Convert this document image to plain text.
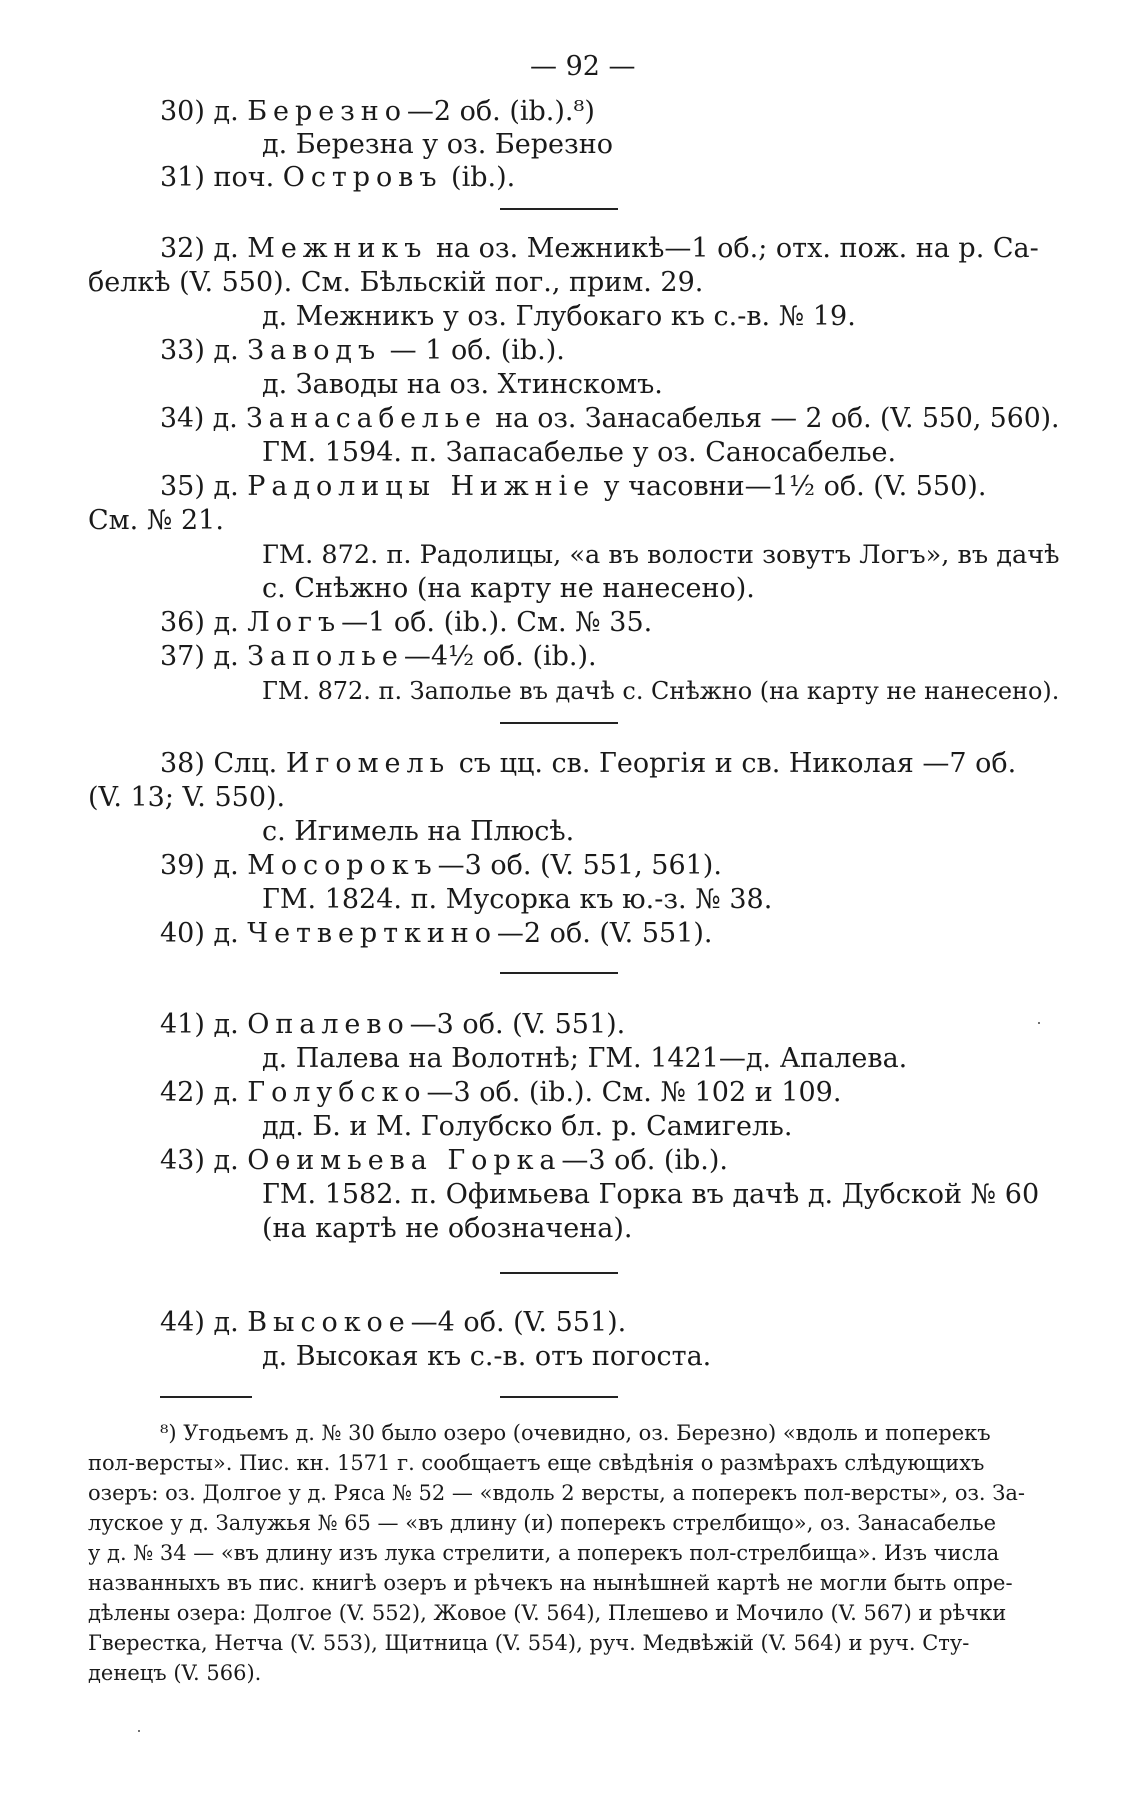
— 92 —
30) д. Березно—2 об. (ib.).⁸)
д. Березна у оз. Березно
31) поч. Островъ (ib.).
32) д. Межникъ на оз. Межникѣ—1 об.; отх. пож. на р. Са-
белкѣ (V. 550). См. Бѣльскій пог., прим. 29.
д. Межникъ у оз. Глубокаго къ с.-в. № 19.
33) д. Заводъ — 1 об. (ib.).
д. Заводы на оз. Хтинскомъ.
34) д. Занасабелье на оз. Занасабелья — 2 об. (V. 550, 560).
ГМ. 1594. п. Запасабелье у оз. Саносабелье.
35) д. Радолицы Нижніе у часовни—1½ об. (V. 550).
См. № 21.
ГМ. 872. п. Радолицы, «а въ волости зовутъ Логъ», въ дачѣ
с. Снѣжно (на карту не нанесено).
36) д. Логъ—1 об. (ib.). См. № 35.
37) д. Заполье—4½ об. (ib.).
ГМ. 872. п. Заполье въ дачѣ с. Снѣжно (на карту не нанесено).
38) Слц. Игомель съ цц. св. Георгія и св. Николая —7 об.
(V. 13; V. 550).
с. Игимель на Плюсѣ.
39) д. Мосорокъ—3 об. (V. 551, 561).
ГМ. 1824. п. Мусорка къ ю.-з. № 38.
40) д. Четверткино—2 об. (V. 551).
41) д. Опалево—3 об. (V. 551).
д. Палева на Волотнѣ; ГМ. 1421—д. Апалева.
42) д. Голубско—3 об. (ib.). См. № 102 и 109.
дд. Б. и М. Голубско бл. р. Самигель.
43) д. Оѳимьева Горка—3 об. (ib.).
ГМ. 1582. п. Офимьева Горка въ дачѣ д. Дубской № 60
(на картѣ не обозначена).
44) д. Высокое—4 об. (V. 551).
д. Высокая къ с.-в. отъ погоста.
⁸) Угодьемъ д. № 30 было озеро (очевидно, оз. Березно) «вдоль и поперекъ
пол-версты». Пис. кн. 1571 г. сообщаетъ еще свѣдѣнія о размѣрахъ слѣдующихъ
озеръ: оз. Долгое у д. Ряса № 52 — «вдоль 2 версты, а поперекъ пол-версты», оз. За-
луское у д. Залужья № 65 — «въ длину (и) поперекъ стрелбищо», оз. Занасабелье
у д. № 34 — «въ длину изъ лука стрелити, а поперекъ пол-стрелбища». Изъ числа
названныхъ въ пис. книгѣ озеръ и рѣчекъ на нынѣшней картѣ не могли быть опре-
дѣлены озера: Долгое (V. 552), Жовое (V. 564), Плешево и Мочило (V. 567) и рѣчки
Гверестка, Нетча (V. 553), Щитница (V. 554), руч. Медвѣжій (V. 564) и руч. Сту-
денецъ (V. 566).
